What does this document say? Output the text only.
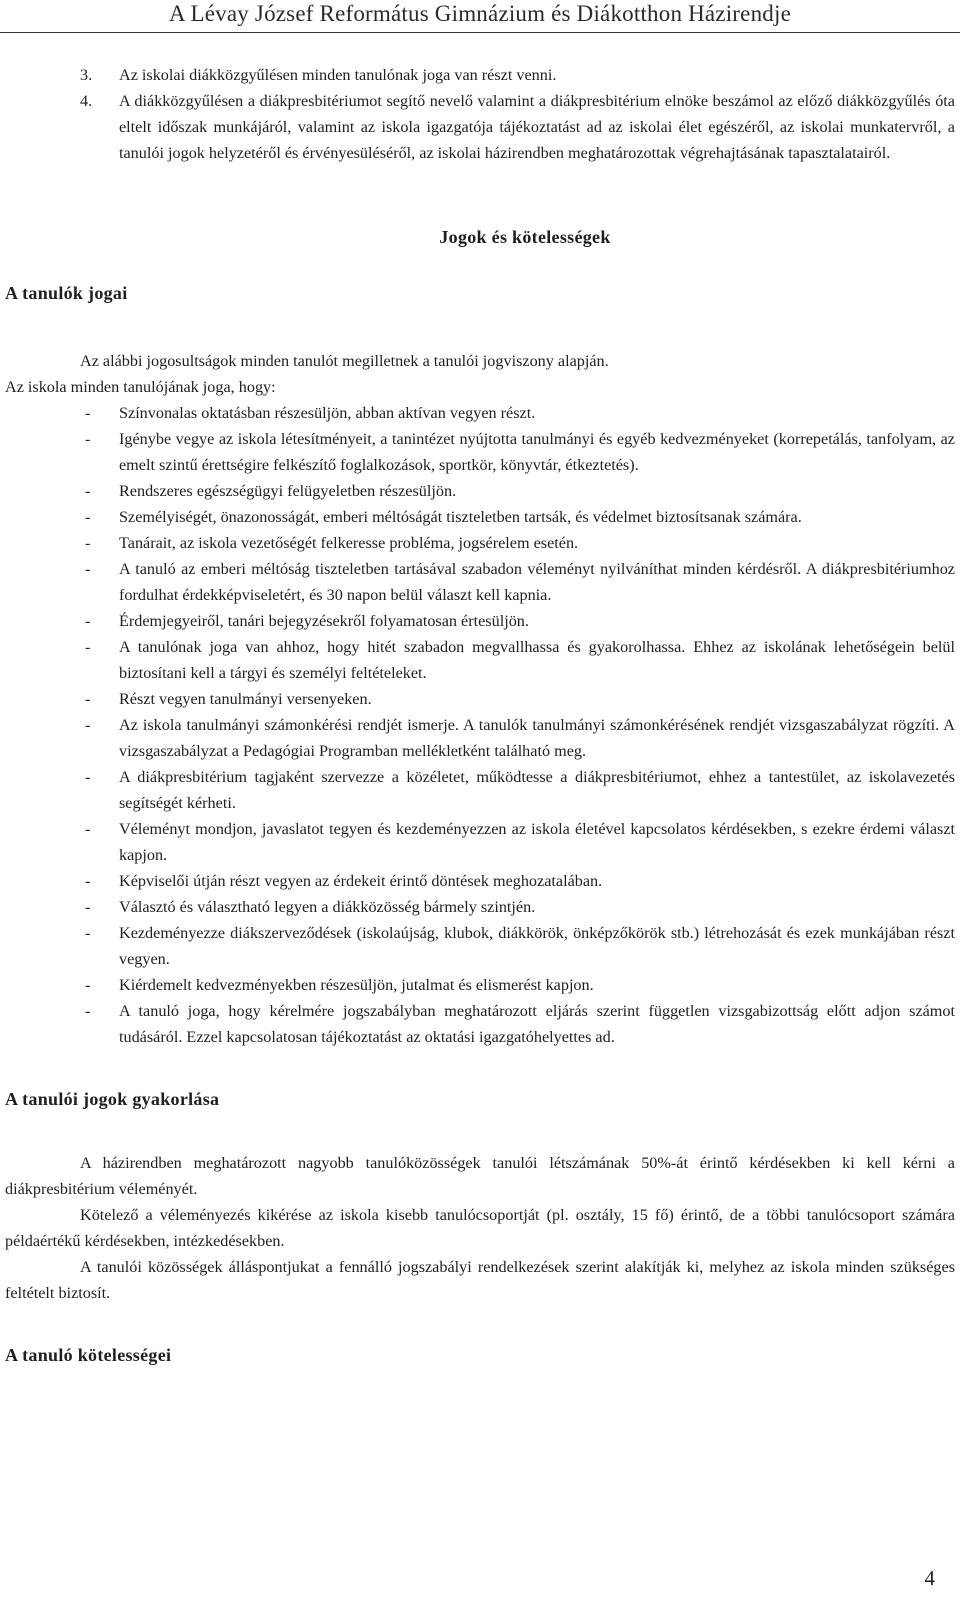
A Lévay József Református Gimnázium és Diákotthon Házirendje
3. Az iskolai diákközgyűlésen minden tanulónak joga van részt venni.
4. A diákközgyűlésen a diákpresbitériumot segítő nevelő valamint a diákpresbitérium elnöke beszámol az előző diákközgyűlés óta eltelt időszak munkájáról, valamint az iskola igazgatója tájékoztatást ad az iskolai élet egészéről, az iskolai munkatervről, a tanulói jogok helyzetéről és érvényesüléséről, az iskolai házirendben meghatározottak végrehajtásának tapasztalatairól.
Jogok és kötelességek
A tanulók jogai
Az alábbi jogosultságok minden tanulót megilletnek a tanulói jogviszony alapján.
Az iskola minden tanulójának joga, hogy:
- Színvonalas oktatásban részesüljön, abban aktívan vegyen részt.
- Igénybe vegye az iskola létesítményeit, a tanintézet nyújtotta tanulmányi és egyéb kedvezményeket (korrepetálás, tanfolyam, az emelt szintű érettségire felkészítő foglalkozások, sportkör, könyvtár, étkeztetés).
- Rendszeres egészségügyi felügyeletben részesüljön.
- Személyiségét, önazonosságát, emberi méltóságát tiszteletben tartsák, és védelmet biztosítsanak számára.
- Tanárait, az iskola vezetőségét felkeresse probléma, jogsérelem esetén.
- A tanuló az emberi méltóság tiszteletben tartásával szabadon véleményt nyilváníthat minden kérdésről. A diákpresbitériumhoz fordulhat érdekképviseletért, és 30 napon belül választ kell kapnia.
- Érdemjegyeiről, tanári bejegyzésekről folyamatosan értesüljön.
- A tanulónak joga van ahhoz, hogy hitét szabadon megvallhassa és gyakorolhassa. Ehhez az iskolának lehetőségein belül biztosítani kell a tárgyi és személyi feltételeket.
- Részt vegyen tanulmányi versenyeken.
- Az iskola tanulmányi számonkérési rendjét ismerje. A tanulók tanulmányi számonkérésének rendjét vizsgaszabályzat rögzíti. A vizsgaszabályzat a Pedagógiai Programban mellékletként található meg.
- A diákpresbitérium tagjaként szervezze a közéletet, működtesse a diákpresbitériumot, ehhez a tantestület, az iskolavezetés segítségét kérheti.
- Véleményt mondjon, javaslatot tegyen és kezdeményezzen az iskola életével kapcsolatos kérdésekben, s ezekre érdemi választ kapjon.
- Képviselői útján részt vegyen az érdekeit érintő döntések meghozatalában.
- Választó és választható legyen a diákközösség bármely szintjén.
- Kezdeményezze diákszerveződések (iskolaújság, klubok, diákkörök, önképzőkörök stb.) létrehozását és ezek munkájában részt vegyen.
- Kiérdemelt kedvezményekben részesüljön, jutalmat és elismerést kapjon.
- A tanuló joga, hogy kérelmére jogszabályban meghatározott eljárás szerint független vizsgabizottság előtt adjon számot tudásáról. Ezzel kapcsolatosan tájékoztatást az oktatási igazgatóhelyettes ad.
A tanulói jogok gyakorlása
A házirendben meghatározott nagyobb tanulóközösségek tanulói létszámának 50%-át érintő kérdésekben ki kell kérni a diákpresbitérium véleményét.
Kötelező a véleményezés kikérése az iskola kisebb tanulócsoportját (pl. osztály, 15 fő) érintő, de a többi tanulócsoport számára példaértékű kérdésekben, intézkedésekben.
A tanulói közösségek álláspontjukat a fennálló jogszabályi rendelkezések szerint alakítják ki, melyhez az iskola minden szükséges feltételt biztosít.
A tanuló kötelességei
4
